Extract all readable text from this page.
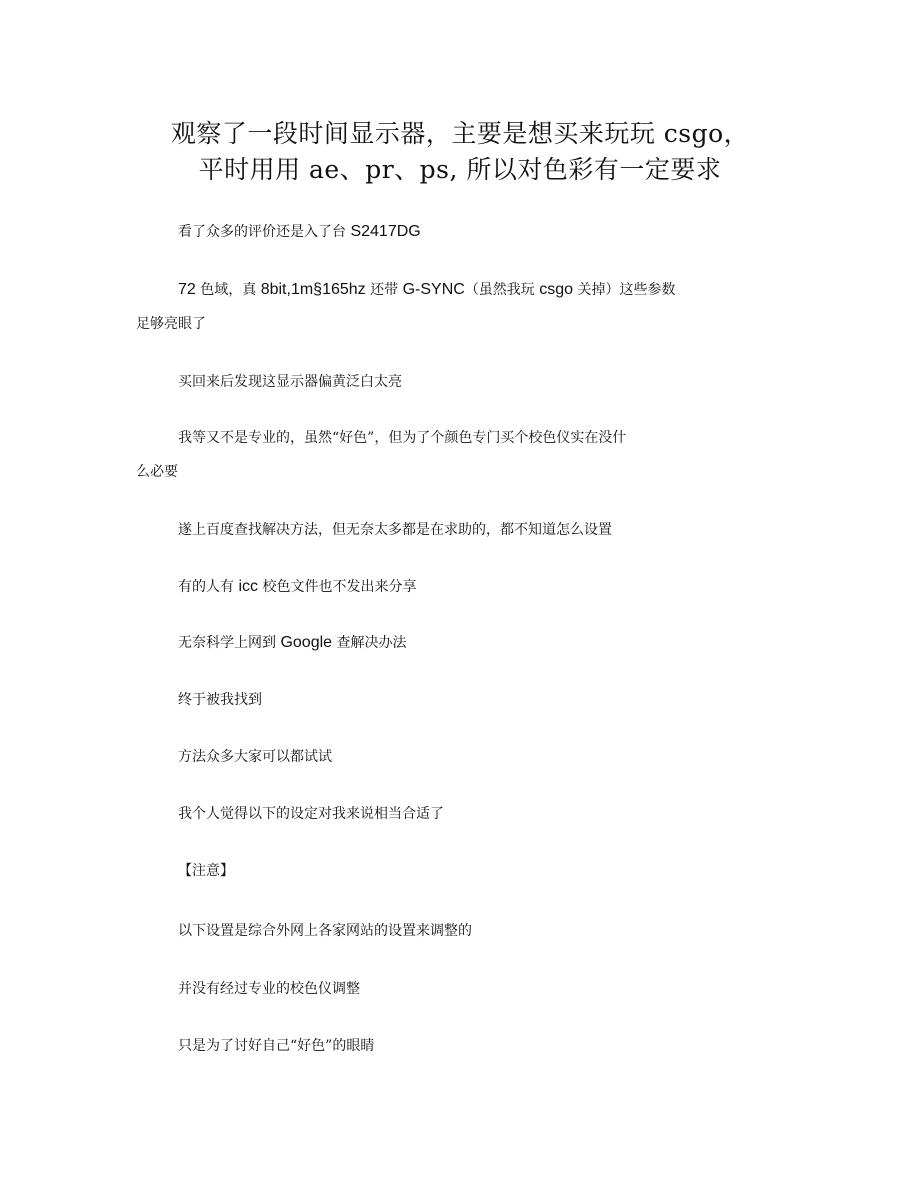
观察了一段时间显示器，主要是想买来玩玩 csgo，
平时用用 ae、pr、ps, 所以对色彩有一定要求

看了众多的评价还是入了台 S2417DG

72 色域，真 8bit,1m§165hz 还带 G-SYNC（虽然我玩 csgo 关掉）这些参数

足够亮眼了

买回来后发现这显示器偏黄泛白太亮

我等又不是专业的，虽然“好色”，但为了个颜色专门买个校色仪实在没什

么必要

遂上百度查找解决方法，但无奈太多都是在求助的，都不知道怎么设置

有的人有 icc 校色文件也不发出来分享

无奈科学上网到 Google 查解决办法

终于被我找到

方法众多大家可以都试试

我个人觉得以下的设定对我来说相当合适了

【注意】

以下设置是综合外网上各家网站的设置来调整的

并没有经过专业的校色仪调整

只是为了讨好自己“好色”的眼睛
